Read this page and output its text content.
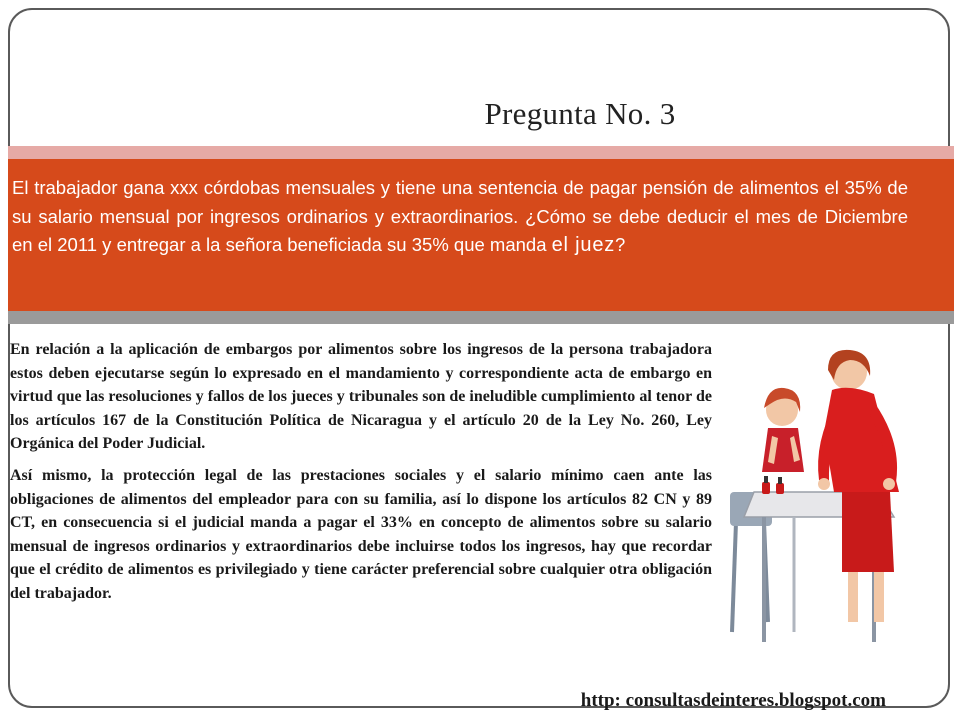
Pregunta No. 3

El trabajador gana xxx córdobas mensuales y tiene una sentencia de pagar pensión de alimentos el 35% de su salario mensual por ingresos ordinarios y extraordinarios. ¿Cómo se debe deducir el mes de Diciembre en el 2011 y entregar a la señora beneficiada su 35% que manda el juez?

En relación a la aplicación de embargos por alimentos sobre los ingresos de la persona trabajadora estos deben ejecutarse según lo expresado en el mandamiento y correspondiente acta de embargo en virtud que las resoluciones y fallos de los jueces y tribunales son de ineludible cumplimiento al tenor de los artículos 167 de la Constitución Política de Nicaragua y el artículo 20 de la Ley No. 260, Ley Orgánica del Poder Judicial.

Así mismo, la protección legal de las prestaciones sociales y el salario mínimo caen ante las obligaciones de alimentos del empleador para con su familia, así lo dispone los artículos 82 CN y 89 CT, en consecuencia si el judicial manda a pagar el 33% en concepto de alimentos sobre su salario mensual de ingresos ordinarios y extraordinarios debe incluirse todos los ingresos, hay que recordar que el crédito de alimentos es privilegiado y tiene carácter preferencial sobre cualquier otra obligación del trabajador.

http: consultasdeinteres.blogspot.com
